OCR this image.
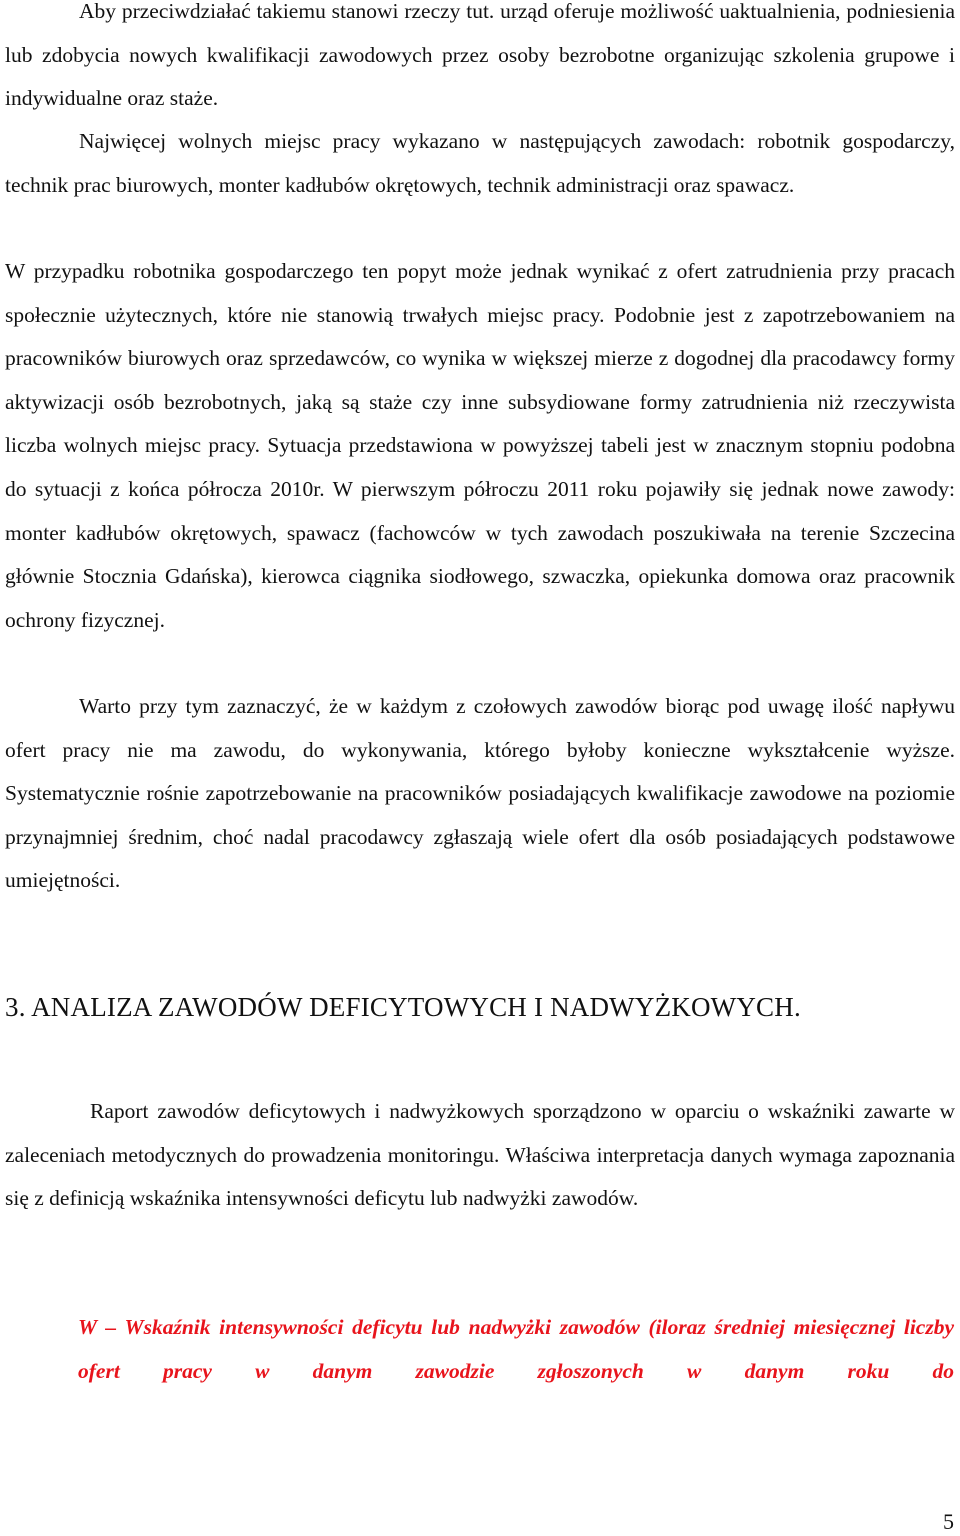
Aby przeciwdziałać takiemu stanowi rzeczy tut. urząd oferuje możliwość uaktualnienia, podniesienia lub zdobycia nowych kwalifikacji zawodowych przez osoby bezrobotne organizując szkolenia grupowe i indywidualne oraz staże.

Najwięcej wolnych miejsc pracy wykazano w następujących zawodach: robotnik gospodarczy, technik prac biurowych, monter kadłubów okrętowych, technik administracji oraz spawacz.

W przypadku robotnika gospodarczego ten popyt może jednak wynikać z ofert zatrudnienia przy pracach społecznie użytecznych, które nie stanowią trwałych miejsc pracy. Podobnie jest z zapotrzebowaniem na pracowników biurowych oraz sprzedawców, co wynika w większej mierze z dogodnej dla pracodawcy formy aktywizacji osób bezrobotnych, jaką są staże czy inne subsydiowane formy zatrudnienia niż rzeczywista liczba wolnych miejsc pracy. Sytuacja przedstawiona w powyższej tabeli jest w znacznym stopniu podobna do sytuacji z końca półrocza 2010r. W pierwszym półroczu 2011 roku pojawiły się jednak nowe zawody: monter kadłubów okrętowych, spawacz (fachowców w tych zawodach poszukiwała na terenie Szczecina głównie Stocznia Gdańska), kierowca ciągnika siodłowego, szwaczka, opiekunka domowa oraz pracownik ochrony fizycznej.

Warto przy tym zaznaczyć, że w każdym z czołowych zawodów biorąc pod uwagę ilość napływu ofert pracy nie ma zawodu, do wykonywania, którego byłoby konieczne wykształcenie wyższe. Systematycznie rośnie zapotrzebowanie na pracowników posiadających kwalifikacje zawodowe na poziomie przynajmniej średnim, choć nadal pracodawcy zgłaszają wiele ofert dla osób posiadających podstawowe umiejętności.

3. ANALIZA ZAWODÓW DEFICYTOWYCH I NADWYŻKOWYCH.

Raport zawodów deficytowych i nadwyżkowych sporządzono w oparciu o wskaźniki zawarte w zaleceniach metodycznych do prowadzenia monitoringu. Właściwa interpretacja danych wymaga zapoznania się z definicją wskaźnika intensywności deficytu lub nadwyżki zawodów.

W – Wskaźnik intensywności deficytu lub nadwyżki zawodów (iloraz średniej miesięcznej liczby ofert pracy w danym zawodzie zgłoszonych w danym roku do

5
